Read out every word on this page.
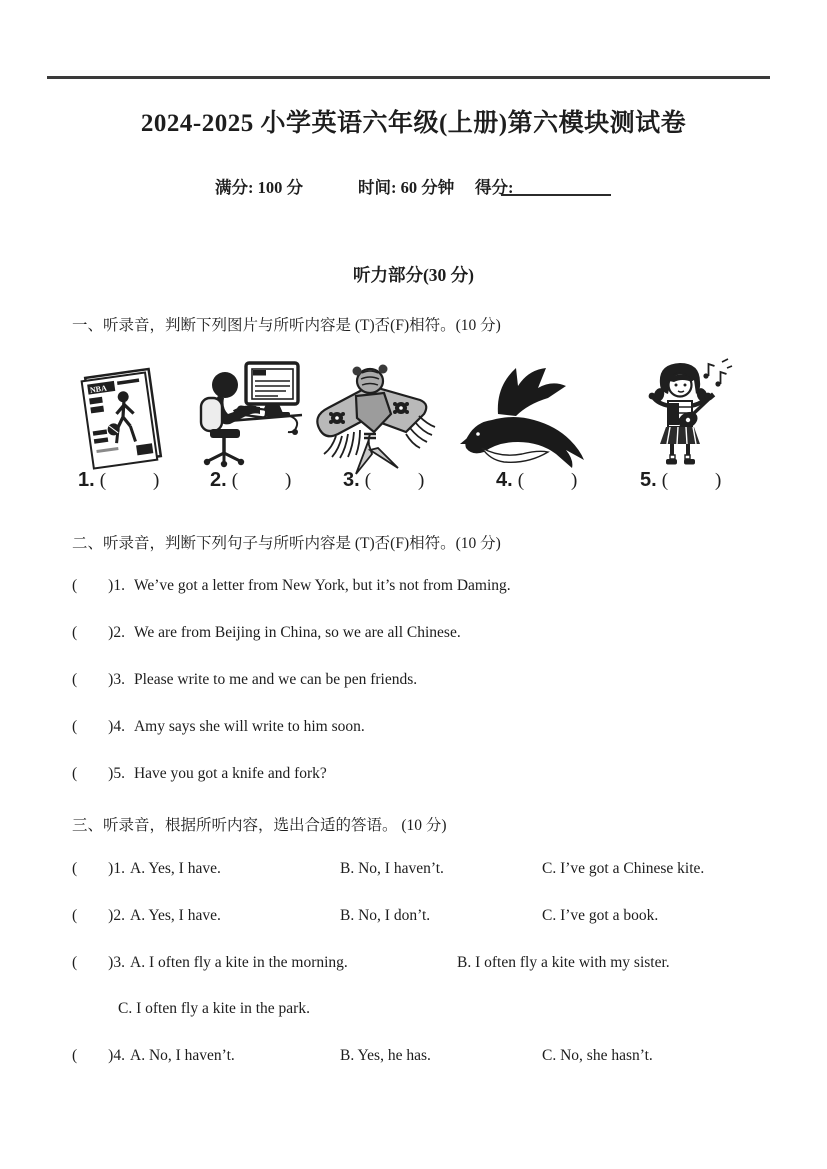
2024-2025 小学英语六年级(上册)第六模块测试卷
满分: 100 分	时间: 60 分钟 得分:
听力部分(30 分)
一、听录音，判断下列图片与所听内容是 (T)否(F)相符。(10 分)
NBA
1. (        ) 2. (        )	3. (        )	4. (        )	5. (        )
二、听录音，判断下列句子与所听内容是 (T)否(F)相符。(10 分)
(        )1. We’ve got a letter from New York, but it’s not from Daming.
(        )2. We are from Beijing in China, so we are all Chinese.
(        )3. Please write to me and we can be pen friends.
(        )4. Amy says she will write to him soon.
(        )5. Have you got a knife and fork?
三、听录音，根据所听内容，选出合适的答语。 (10 分)
(        )1. A. Yes, I have.	B. No, I haven’t.	C. I’ve got a Chinese kite.
(        )2. A. Yes, I have.	B. No, I don’t.	C. I’ve got a book.
(        )3. A. I often fly a kite in the morning.	B. I often fly a kite with my sister.
C. I often fly a kite in the park.
(        )4. A. No, I haven’t.	B. Yes, he has.	C. No, she hasn’t.
